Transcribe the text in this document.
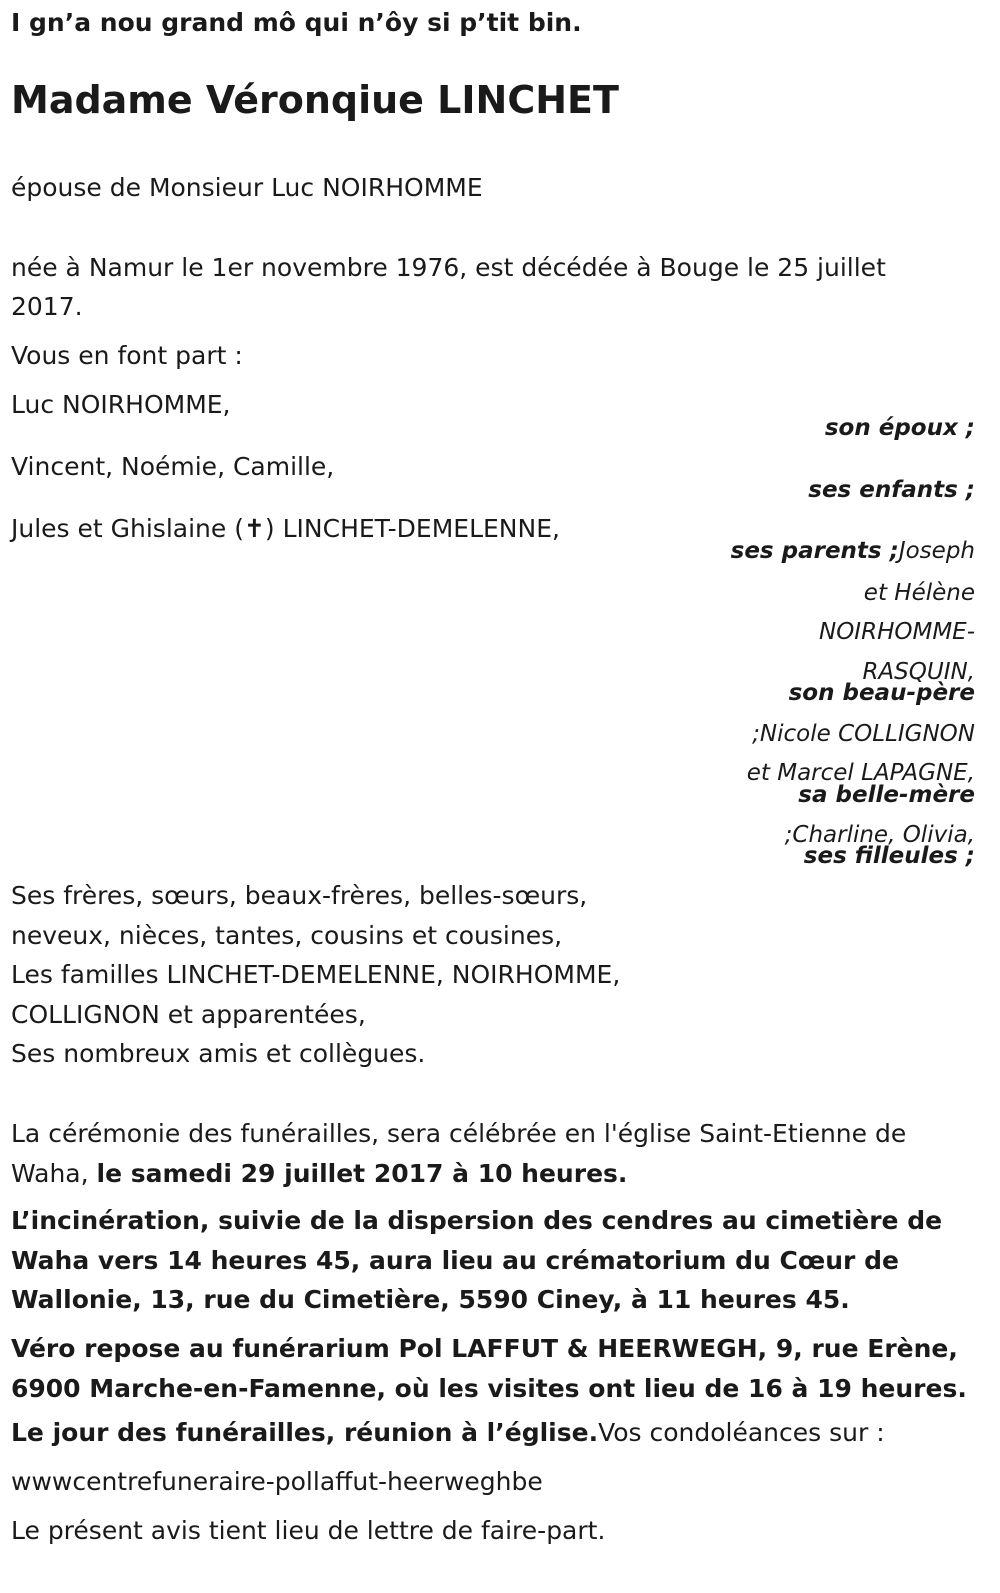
I gn’a nou grand mô qui n’ôy si p’tit bin.
Madame Véronqiue LINCHET
épouse de Monsieur Luc NOIRHOMME
née à Namur le 1er novembre 1976, est décédée à Bouge le 25 juillet
2017.
Vous en font part :
Luc NOIRHOMME,
son époux ;
Vincent, Noémie, Camille,
ses enfants ;
Jules et Ghislaine (✝) LINCHET-DEMELENNE,
ses parents ;Joseph
et Hélène
NOIRHOMME-
RASQUIN,
son beau-père
;Nicole COLLIGNON
et Marcel LAPAGNE,
sa belle-mère
;Charline, Olivia,
ses filleules ;
Ses frères, sœurs, beaux-frères, belles-sœurs,
neveux, nièces, tantes, cousins et cousines,
Les familles LINCHET-DEMELENNE, NOIRHOMME,
COLLIGNON et apparentées,
Ses nombreux amis et collègues.
La cérémonie des funérailles, sera célébrée en l'église Saint-Etienne de
Waha, le samedi 29 juillet 2017 à 10 heures.
L’incinération, suivie de la dispersion des cendres au cimetière de
Waha vers 14 heures 45, aura lieu au crématorium du Cœur de
Wallonie, 13, rue du Cimetière, 5590 Ciney, à 11 heures 45.
Véro repose au funérarium Pol LAFFUT & HEERWEGH, 9, rue Erène,
6900 Marche-en-Famenne, où les visites ont lieu de 16 à 19 heures.
Le jour des funérailles, réunion à l’église.Vos condoléances sur :
wwwcentrefuneraire-pollaffut-heerweghbe
Le présent avis tient lieu de lettre de faire-part.
